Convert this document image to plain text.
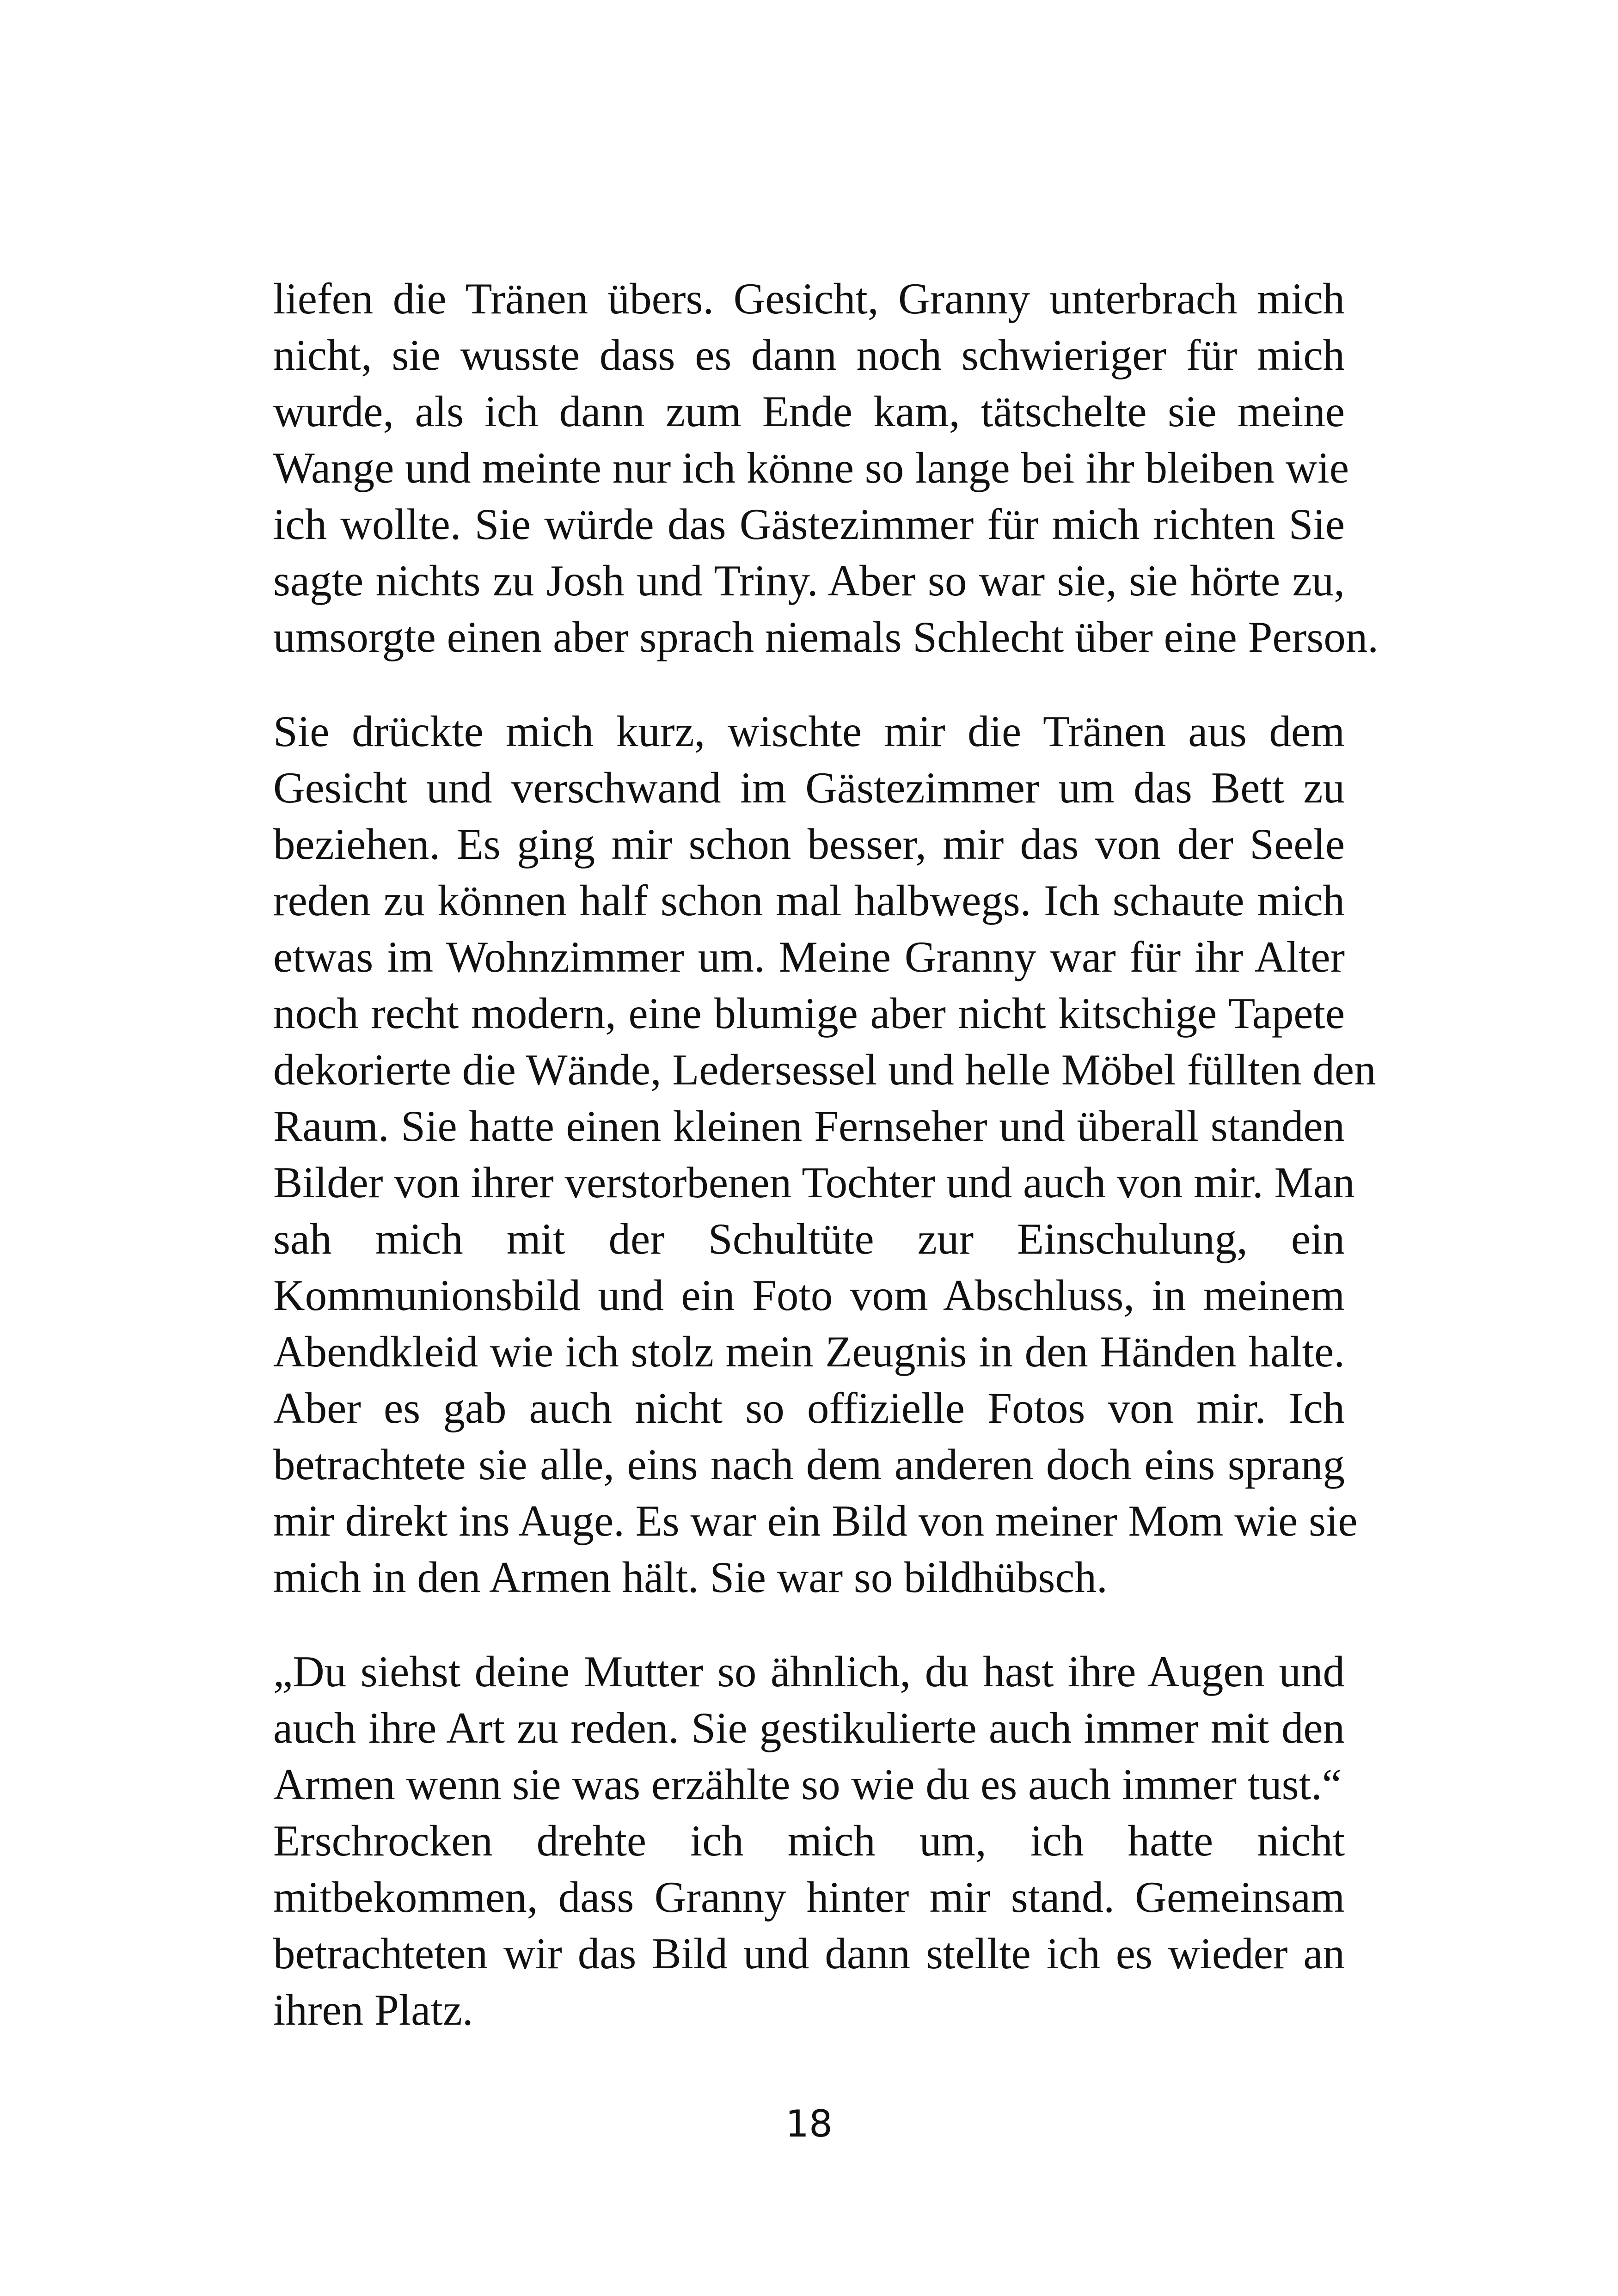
liefen die Tränen übers. Gesicht, Granny unterbrach mich
nicht, sie wusste dass es dann noch schwieriger für mich
wurde, als ich dann zum Ende kam, tätschelte sie meine
Wange und meinte nur ich könne so lange bei ihr bleiben wie
ich wollte. Sie würde das Gästezimmer für mich richten Sie
sagte nichts zu Josh und Triny. Aber so war sie, sie hörte zu,
umsorgte einen aber sprach niemals Schlecht über eine Person.

Sie drückte mich kurz, wischte mir die Tränen aus dem
Gesicht und verschwand im Gästezimmer um das Bett zu
beziehen. Es ging mir schon besser, mir das von der Seele
reden zu können half schon mal halbwegs. Ich schaute mich
etwas im Wohnzimmer um. Meine Granny war für ihr Alter
noch recht modern, eine blumige aber nicht kitschige Tapete
dekorierte die Wände, Ledersessel und helle Möbel füllten den
Raum. Sie hatte einen kleinen Fernseher und überall standen
Bilder von ihrer verstorbenen Tochter und auch von mir. Man
sah mich mit der Schultüte zur Einschulung, ein
Kommunionsbild und ein Foto vom Abschluss, in meinem
Abendkleid wie ich stolz mein Zeugnis in den Händen halte.
Aber es gab auch nicht so offizielle Fotos von mir. Ich
betrachtete sie alle, eins nach dem anderen doch eins sprang
mir direkt ins Auge. Es war ein Bild von meiner Mom wie sie
mich in den Armen hält. Sie war so bildhübsch.

„Du siehst deine Mutter so ähnlich, du hast ihre Augen und
auch ihre Art zu reden. Sie gestikulierte auch immer mit den
Armen wenn sie was erzählte so wie du es auch immer tust.“
Erschrocken drehte ich mich um, ich hatte nicht
mitbekommen, dass Granny hinter mir stand. Gemeinsam
betrachteten wir das Bild und dann stellte ich es wieder an
ihren Platz.

18
